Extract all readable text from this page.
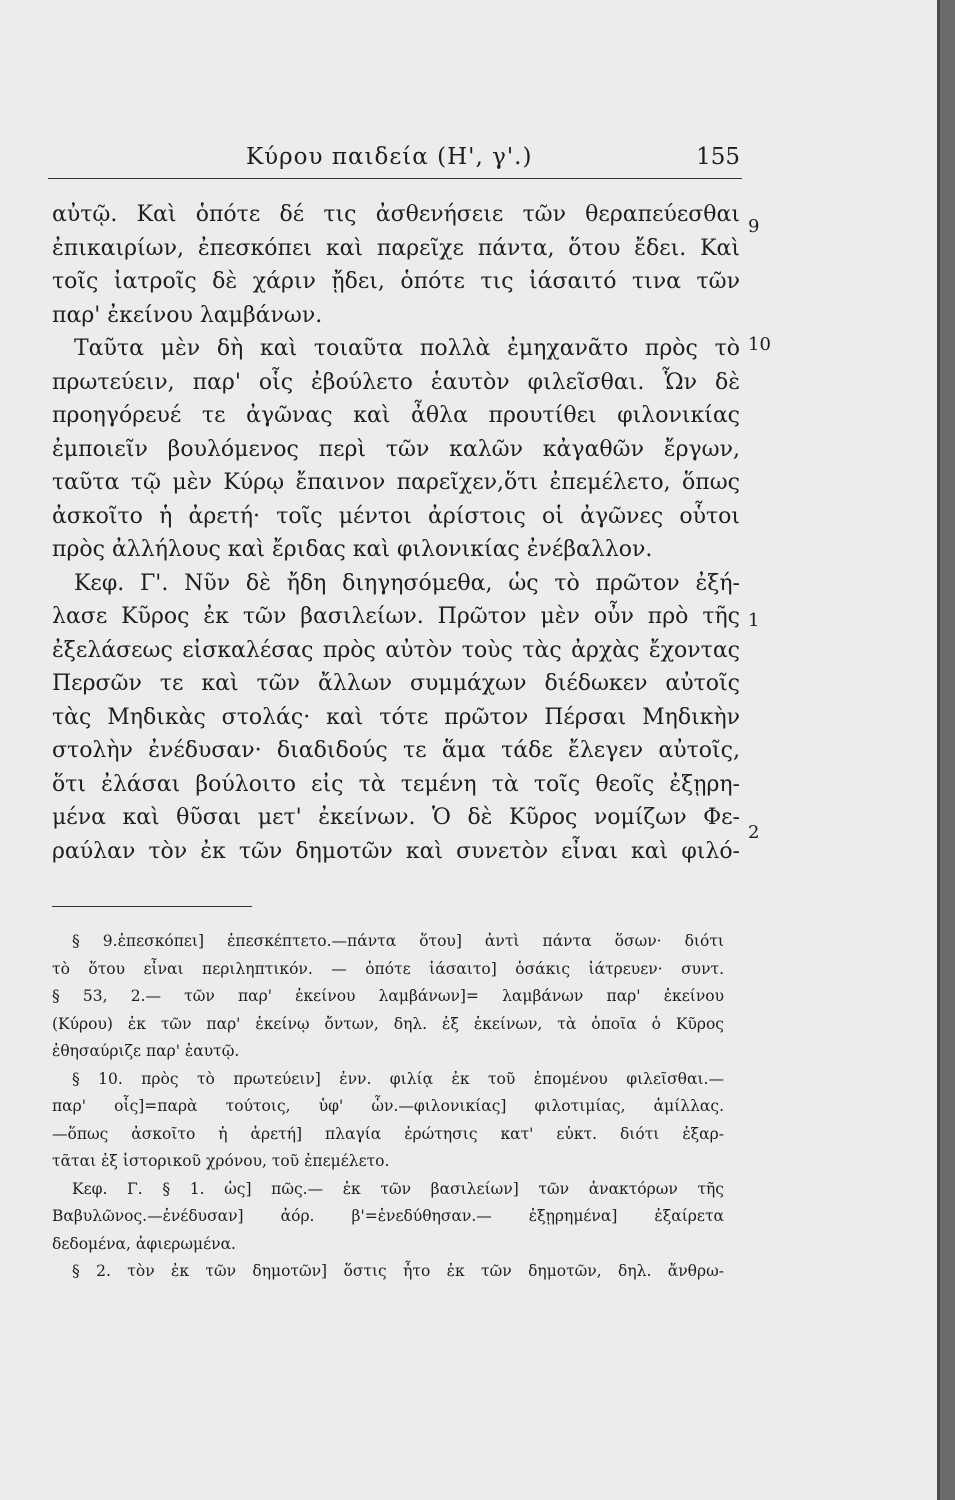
Κύρου παιδεία (Η', γ'.)	155
αὐτῷ. Καὶ ὁπότε δέ τις ἀσθενήσειε τῶν θεραπεύεσθαι
ἐπικαιρίων, ἐπεσκόπει καὶ παρεῖχε πάντα, ὅτου ἔδει. Καὶ
τοῖς ἰατροῖς δὲ χάριν ᾔδει, ὁπότε τις ἰάσαιτό τινα τῶν
παρ' ἐκείνου λαμβάνων.
Ταῦτα μὲν δὴ καὶ τοιαῦτα πολλὰ ἐμηχανᾶτο πρὸς τὸ
πρωτεύειν, παρ' οἷς ἐβούλετο ἑαυτὸν φιλεῖσθαι. Ὧν δὲ
προηγόρευέ τε ἀγῶνας καὶ ἆθλα προυτίθει φιλονικίας
ἐμποιεῖν βουλόμενος περὶ τῶν καλῶν κἀγαθῶν ἔργων,
ταῦτα τῷ μὲν Κύρῳ ἔπαινον παρεῖχεν,ὅτι ἐπεμέλετο, ὅπως
ἀσκοῖτο ἡ ἀρετή· τοῖς μέντοι ἀρίστοις οἱ ἀγῶνες οὗτοι
πρὸς ἀλλήλους καὶ ἔριδας καὶ φιλονικίας ἐνέβαλλον.
Κεφ. Γ'. Νῦν δὲ ἤδη διηγησόμεθα, ὡς τὸ πρῶτον ἐξή-
λασε Κῦρος ἐκ τῶν βασιλείων. Πρῶτον μὲν οὖν πρὸ τῆς
ἐξελάσεως εἰσκαλέσας πρὸς αὐτὸν τοὺς τὰς ἀρχὰς ἔχοντας
Περσῶν τε καὶ τῶν ἄλλων συμμάχων διέδωκεν αὐτοῖς
τὰς Μηδικὰς στολάς· καὶ τότε πρῶτον Πέρσαι Μηδικὴν
στολὴν ἐνέδυσαν· διαδιδούς τε ἅμα τάδε ἔλεγεν αὐτοῖς,
ὅτι ἐλάσαι βούλοιτο εἰς τὰ τεμένη τὰ τοῖς θεοῖς ἐξῃρη-
μένα καὶ θῦσαι μετ' ἐκείνων. Ὁ δὲ Κῦρος νομίζων Φε-
ραύλαν τὸν ἐκ τῶν δημοτῶν καὶ συνετὸν εἶναι καὶ φιλό-
9
10
1
2
§ 9.ἐπεσκόπει] ἐπεσκέπτετο.—πάντα ὅτου] ἀντὶ πάντα ὅσων· διότι
τὸ ὅτου εἶναι περιληπτικόν. — ὁπότε ἰάσαιτο] ὁσάκις ἰάτρευεν· συντ.
§ 53, 2.— τῶν παρ' ἐκείνου λαμβάνων]= λαμβάνων παρ' ἐκείνου
(Κύρου) ἐκ τῶν παρ' ἐκείνῳ ὄντων, δηλ. ἐξ ἐκείνων, τὰ ὁποῖα ὁ Κῦρος
ἐθησαύριζε παρ' ἑαυτῷ.
§ 10. πρὸς τὸ πρωτεύειν] ἐνν. φιλίᾳ ἐκ τοῦ ἑπομένου φιλεῖσθαι.—
παρ' οἷς]=παρὰ τούτοις, ὑφ' ὧν.—φιλονικίας] φιλοτιμίας, ἁμίλλας.
—ὅπως ἀσκοῖτο ἡ ἀρετή] πλαγία ἐρώτησις κατ' εὐκτ. διότι ἐξαρ-
τᾶται ἐξ ἱστορικοῦ χρόνου, τοῦ ἐπεμέλετο.
Κεφ. Γ. § 1. ὡς] πῶς.— ἐκ τῶν βασιλείων] τῶν ἀνακτόρων τῆς
Βαβυλῶνος.—ἐνέδυσαν] ἀόρ. β'=ἐνεδύθησαν.— ἐξῃρημένα] ἐξαίρετα
δεδομένα, ἀφιερωμένα.
§ 2. τὸν ἐκ τῶν δημοτῶν] ὅστις ἦτο ἐκ τῶν δημοτῶν, δηλ. ἄνθρω-
